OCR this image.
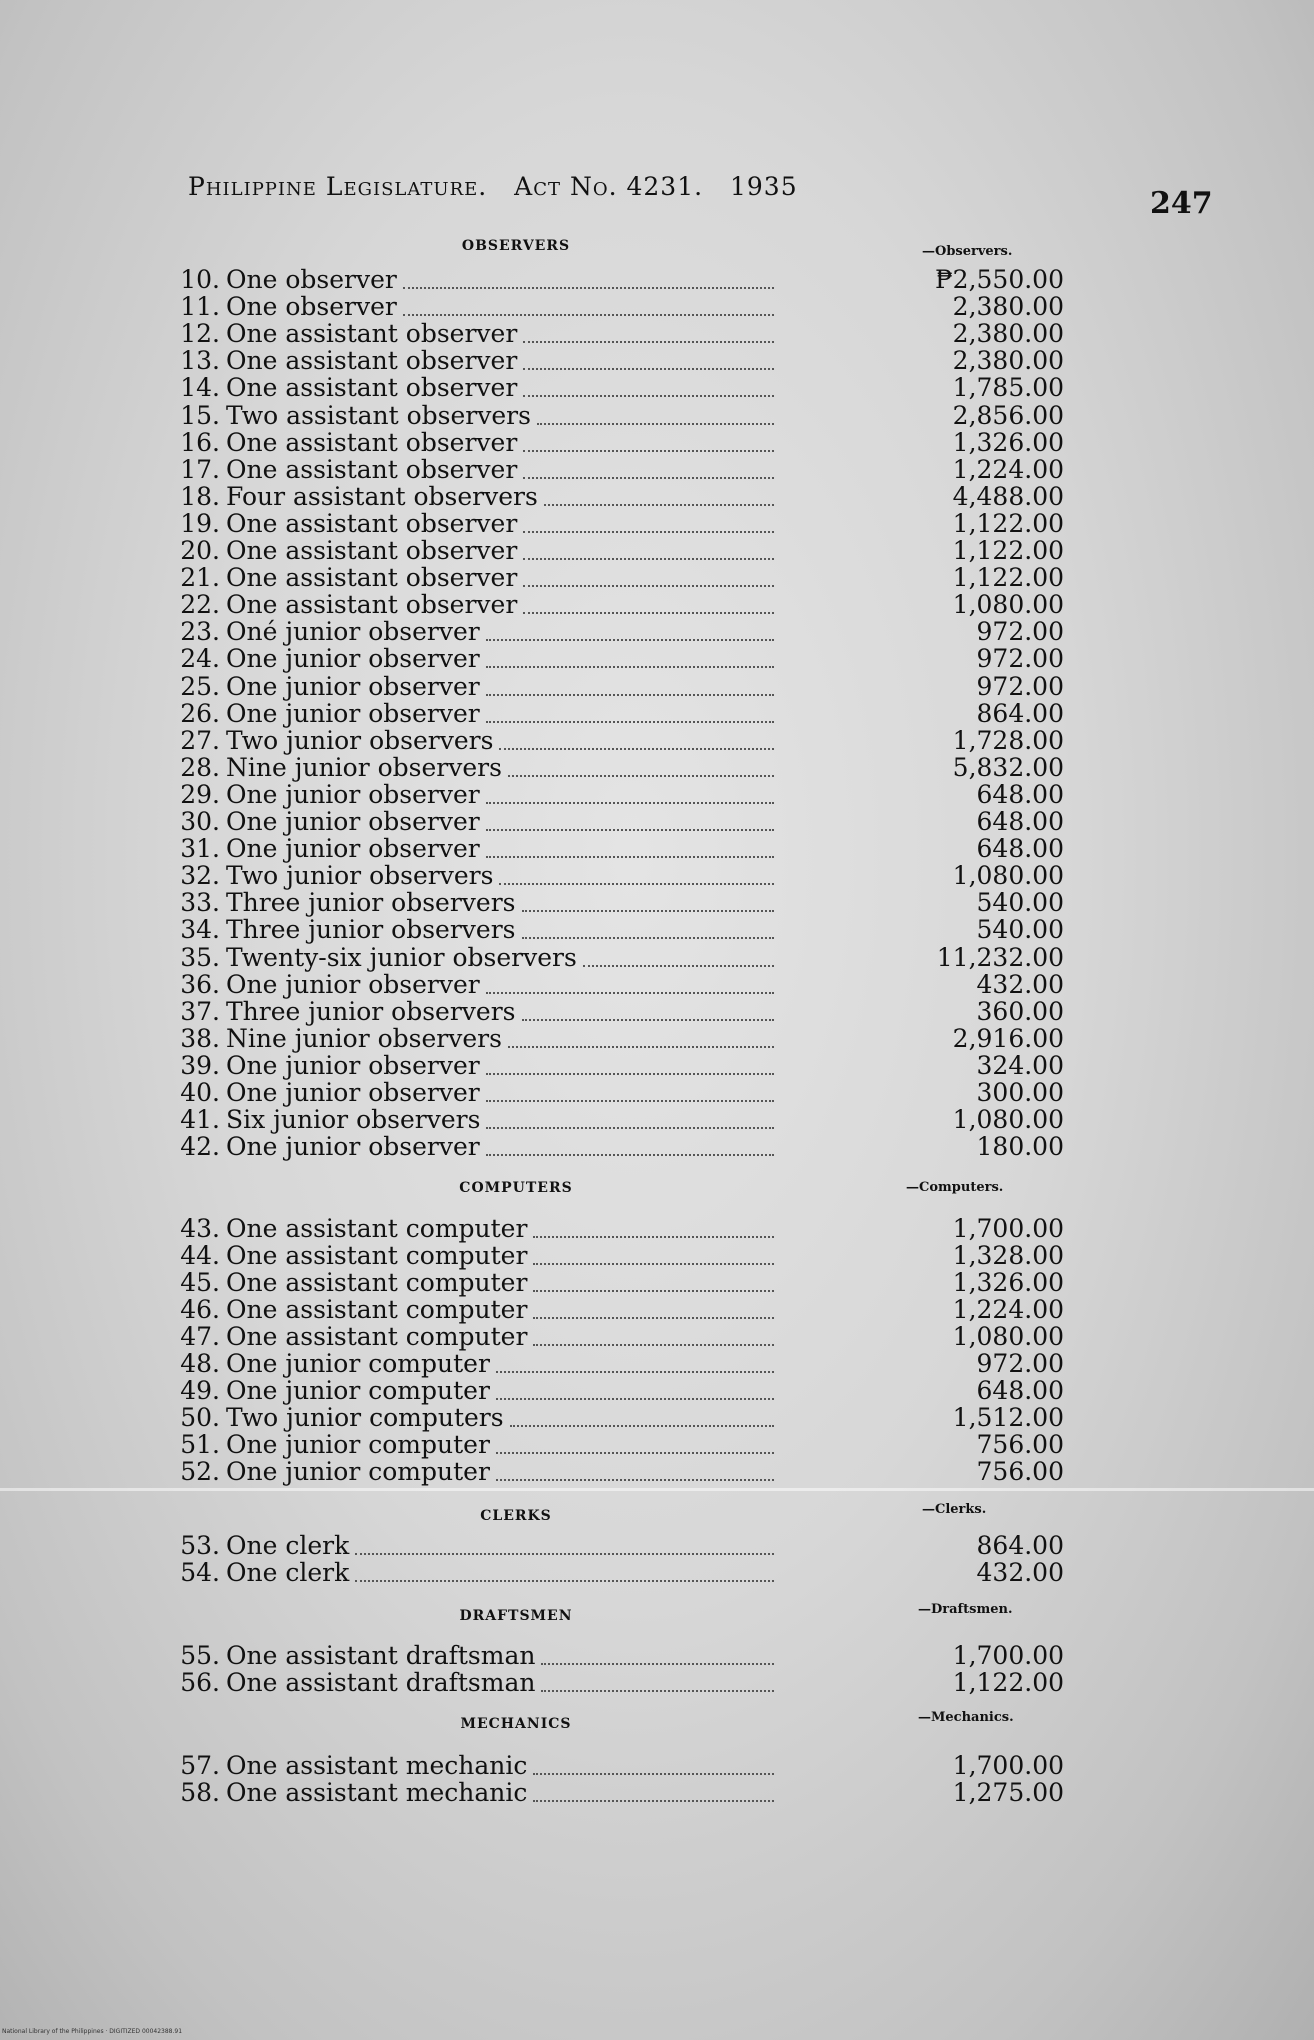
Philippine Legislature. Act No. 4231. 1935	247
OBSERVERS	—Observers.
10. One observer	₱2,550.00
11. One observer	2,380.00
12. One assistant observer	2,380.00
13. One assistant observer	2,380.00
14. One assistant observer	1,785.00
15. Two assistant observers	2,856.00
16. One assistant observer	1,326.00
17. One assistant observer	1,224.00
18. Four assistant observers	4,488.00
19. One assistant observer	1,122.00
20. One assistant observer	1,122.00
21. One assistant observer	1,122.00
22. One assistant observer	1,080.00
23. Oné junior observer	972.00
24. One junior observer	972.00
25. One junior observer	972.00
26. One junior observer	864.00
27. Two junior observers	1,728.00
28. Nine junior observers	5,832.00
29. One junior observer	648.00
30. One junior observer	648.00
31. One junior observer	648.00
32. Two junior observers	1,080.00
33. Three junior observers	540.00
34. Three junior observers	540.00
35. Twenty-six junior observers	11,232.00
36. One junior observer	432.00
37. Three junior observers	360.00
38. Nine junior observers	2,916.00
39. One junior observer	324.00
40. One junior observer	300.00
41. Six junior observers	1,080.00
42. One junior observer	180.00
COMPUTERS	—Computers.
43. One assistant computer	1,700.00
44. One assistant computer	1,328.00
45. One assistant computer	1,326.00
46. One assistant computer	1,224.00
47. One assistant computer	1,080.00
48. One junior computer	972.00
49. One junior computer	648.00
50. Two junior computers	1,512.00
51. One junior computer	756.00
52. One junior computer	756.00
CLERKS	—Clerks.
53. One clerk	864.00
54. One clerk	432.00
DRAFTSMEN	—Draftsmen.
55. One assistant draftsman	1,700.00
56. One assistant draftsman	1,122.00
MECHANICS	—Mechanics.
57. One assistant mechanic	1,700.00
58. One assistant mechanic	1,275.00
National Library of the Philippines · DIGITIZED 00042388.91
